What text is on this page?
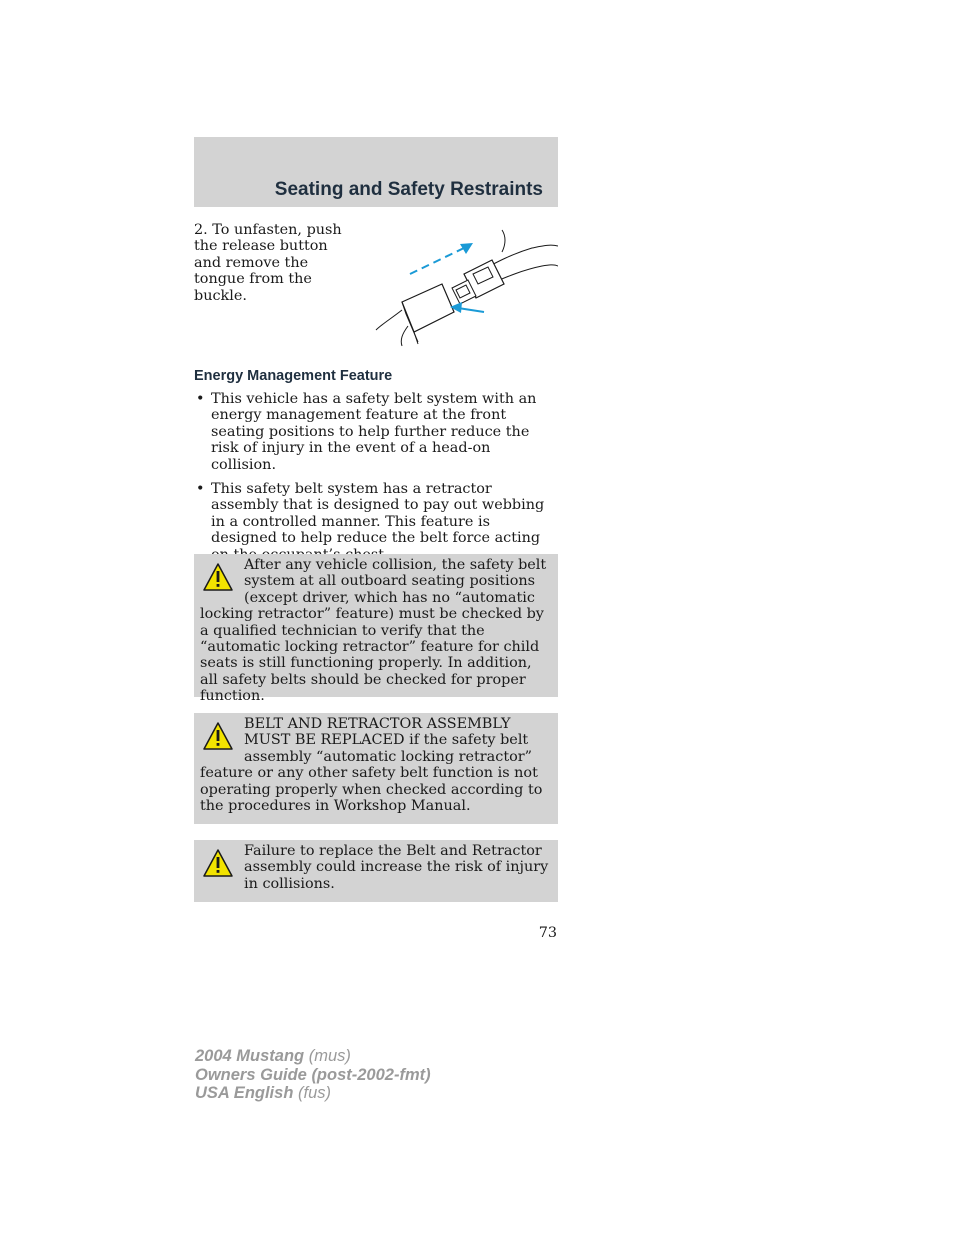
Seating and Safety Restraints
2. To unfasten, push the release button and remove the tongue from the buckle.
Energy Management Feature
• This vehicle has a safety belt system with an energy management feature at the front seating positions to help further reduce the risk of injury in the event of a head-on collision.
• This safety belt system has a retractor assembly that is designed to pay out webbing in a controlled manner. This feature is designed to help reduce the belt force acting
After any vehicle collision, the safety belt system at all outboard seating positions (except driver, which has no “automatic locking retractor” feature) must be checked by a qualified technician to verify that the “automatic locking retractor” feature for child seats is still functioning properly. In addition, all safety belts should be checked for proper function.
BELT AND RETRACTOR ASSEMBLY MUST BE REPLACED if the safety belt assembly “automatic locking retractor” feature or any other safety belt function is not operating properly when checked according to the procedures in Workshop Manual.
Failure to replace the Belt and Retractor assembly could increase the risk of injury in collisions.
73
2004 Mustang (mus)
Owners Guide (post-2002-fmt)
USA English (fus)
